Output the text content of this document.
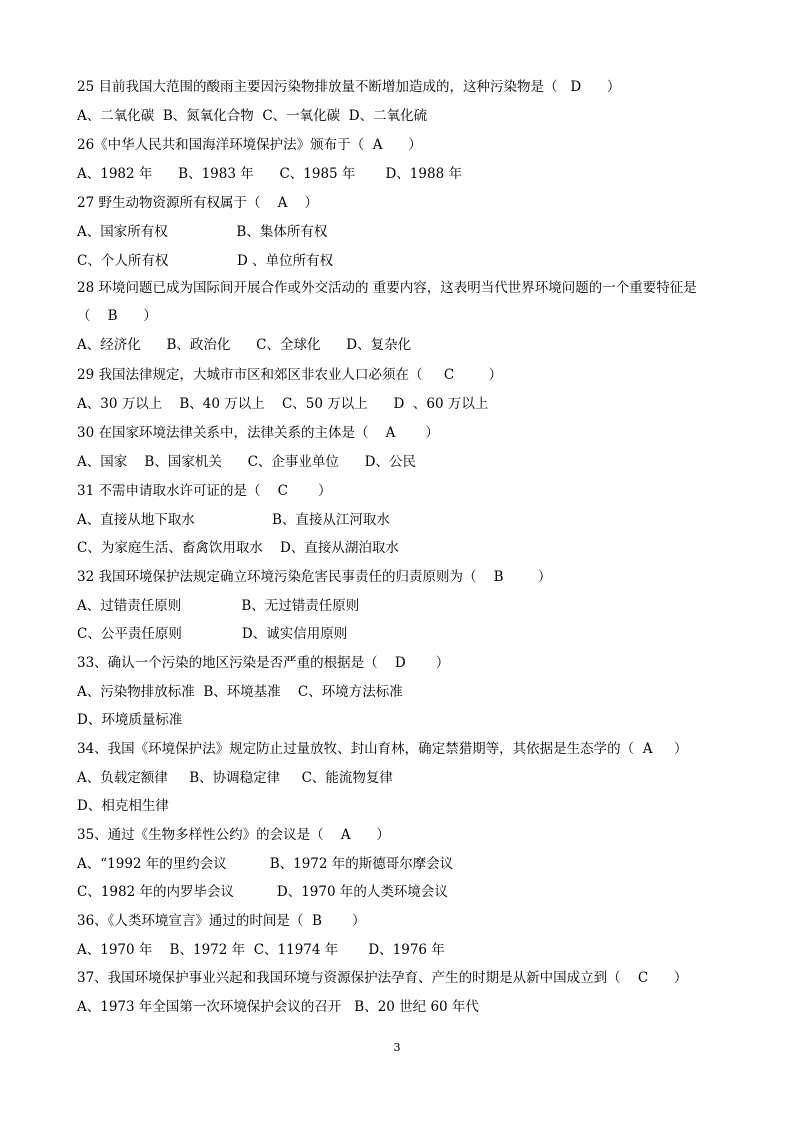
25 目前我国大范围的酸雨主要因污染物排放量不断增加造成的，这种污染物是（   D      ）
A、二氧化碳  B、氮氧化合物  C、一氧化碳  D、二氧化硫
26《中华人民共和国海洋环境保护法》颁布于（  A      ）
A、1982 年      B、1983 年      C、1985 年       D、1988 年
27 野生动物资源所有权属于（    A    ）
A、国家所有权                B、集体所有权
C、个人所有权                D 、单位所有权
28 环境问题已成为国际间开展合作或外交活动的 重要内容，这表明当代世界环境问题的一个重要特征是
（    B      ）
A、经济化      B、政治化      C、全球化      D、复杂化
29 我国法律规定，大城市市区和郊区非农业人口必须在（     C        ）
A、30 万以上    B、40 万以上    C、50 万以上      D  、60 万以上
30 在国家环境法律关系中，法律关系的主体是（    A       ）
A、国家    B、国家机关      C、企事业单位      D、公民
31 不需申请取水许可证的是（    C       ）
A、直接从地下取水                  B、直接从江河取水
C、为家庭生活、畜禽饮用取水    D、直接从湖泊取水
32 我国环境保护法规定确立环境污染危害民事责任的归责原则为（    B        ）
A、过错责任原则              B、无过错责任原则
C、公平责任原则              D、诚实信用原则
33、确认一个污染的地区污染是否严重的根据是（    D       ）
A、污染物排放标准  B、环境基准    C、环境方法标准
D、环境质量标准
34、我国《环境保护法》规定防止过量放牧、封山育林，确定禁猎期等，其依据是生态学的（  A     ）
A、负载定额律     B、协调稳定律     C、能流物复律
D、相克相生律
35、通过《生物多样性公约》的会议是（    A      ）
A、“1992 年的里约会议          B、1972 年的斯德哥尔摩会议
C、1982 年的内罗毕会议          D、1970 年的人类环境会议
36、《人类环境宣言》通过的时间是（  B       ）
A、1970 年    B、1972 年  C、11974 年       D、1976 年
37、我国环境保护事业兴起和我国环境与资源保护法孕育、产生的时期是从新中国成立到（    C      ）
A、1973 年全国第一次环境保护会议的召开   B、20 世纪 60 年代
3
